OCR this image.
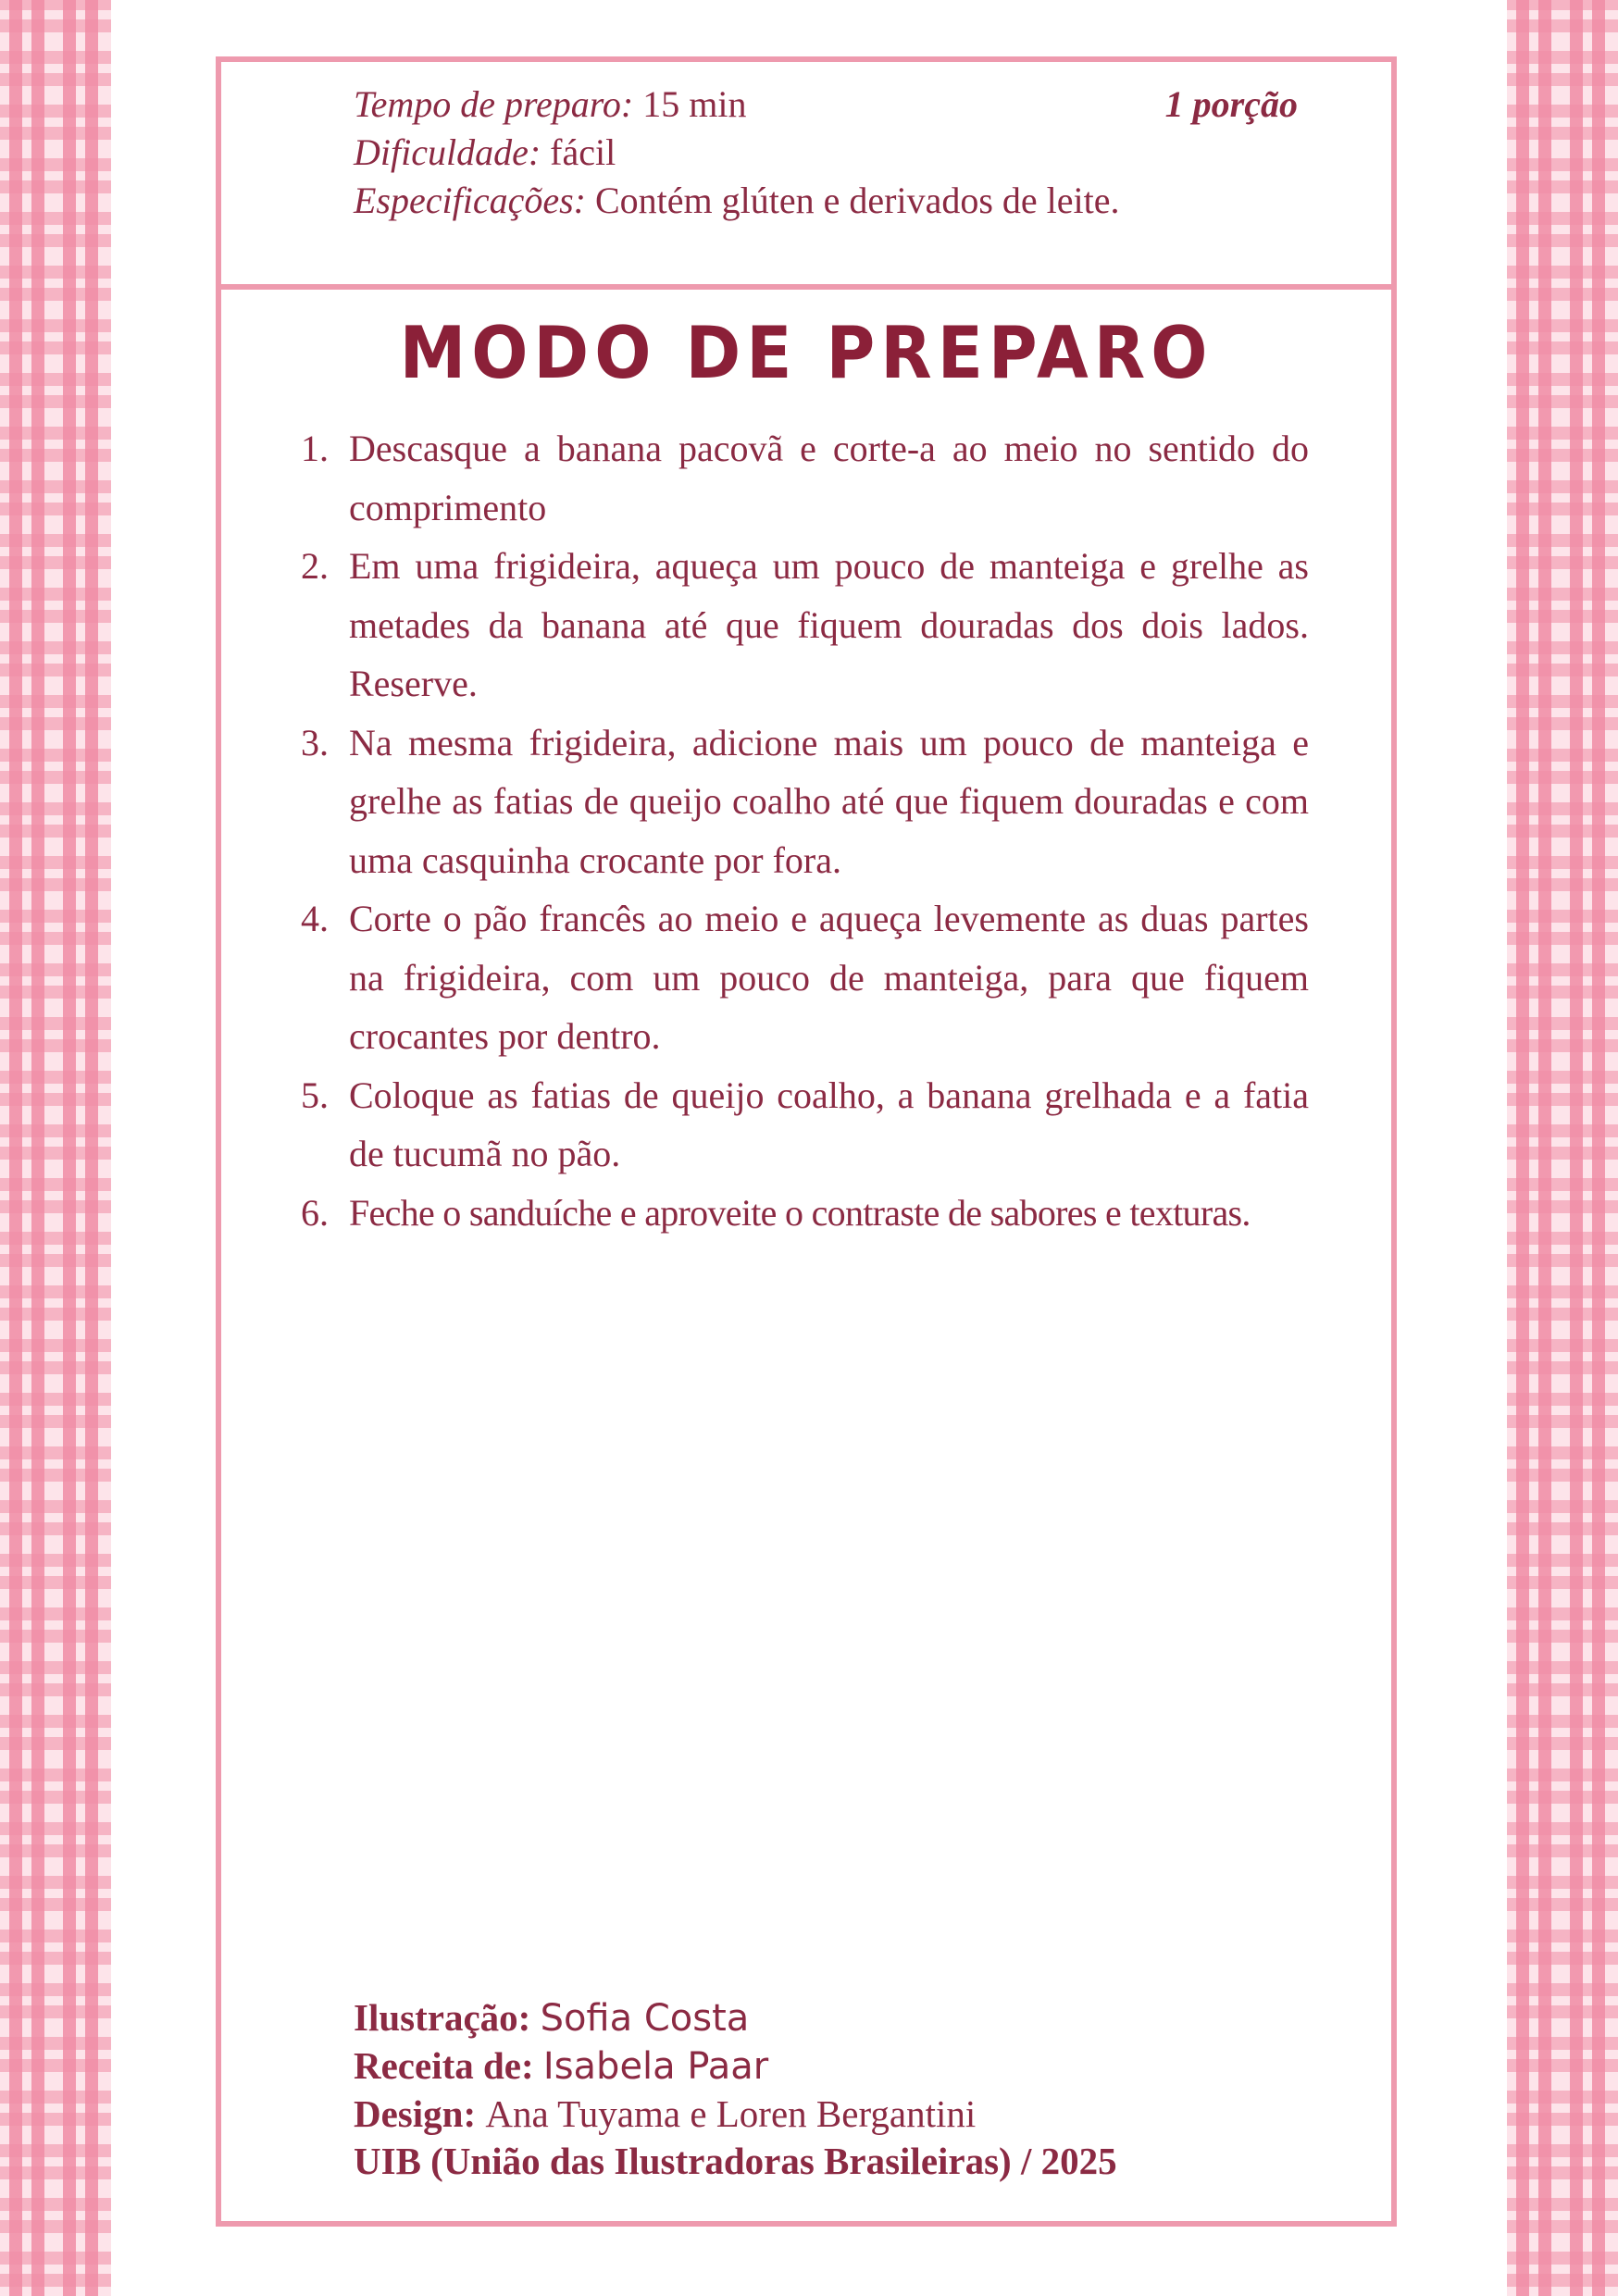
Tempo de preparo: 15 min
Dificuldade: fácil
Especificações: Contém glúten e derivados de leite.
1 porção
MODO DE PREPARO
1. Descasque a banana pacovã e corte-a ao meio no sentido do comprimento
2. Em uma frigideira, aqueça um pouco de manteiga e grelhe as metades da banana até que fiquem douradas dos dois lados. Reserve.
3. Na mesma frigideira, adicione mais um pouco de manteiga e grelhe as fatias de queijo coalho até que fiquem douradas e com uma casquinha crocante por fora.
4. Corte o pão francês ao meio e aqueça levemente as duas partes na frigideira, com um pouco de manteiga, para que fiquem crocantes por dentro.
5. Coloque as fatias de queijo coalho, a banana grelhada e a fatia de tucumã no pão.
6. Feche o sanduíche e aproveite o contraste de sabores e texturas.
Ilustração: Sofia Costa
Receita de: Isabela Paar
Design: Ana Tuyama e Loren Bergantini
UIB (União das Ilustradoras Brasileiras) / 2025
